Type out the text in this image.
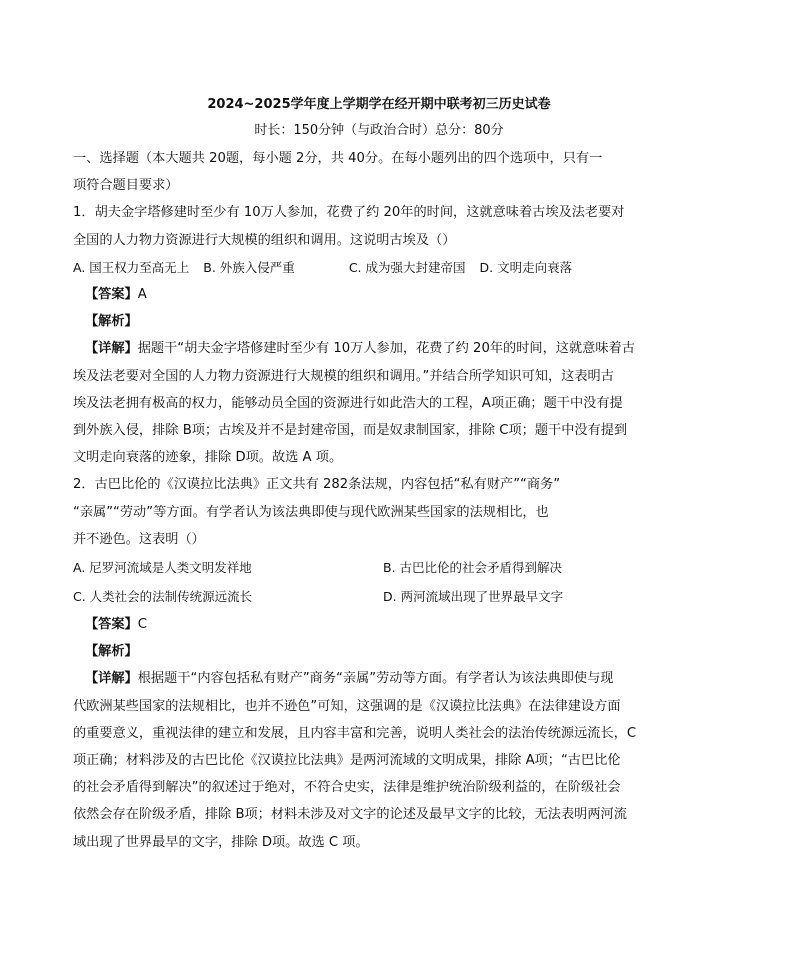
2024~2025学年度上学期学在经开期中联考初三历史试卷

时长：150分钟（与政治合时）总分：80分

一、选择题（本大题共 20题，每小题 2分，共 40分。在每小题列出的四个选项中，只有一

项符合题目要求）

1．胡夫金字塔修建时至少有 10万人参加，花费了约 20年的时间，这就意味着古埃及法老要对

全国的人力物力资源进行大规模的组织和调用。这说明古埃及（）

A. 国王权力至高无上 B. 外族入侵严重	C. 成为强大封建帝国 D. 文明走向衰落

【答案】A

【解析】

【详解】据题干“胡夫金字塔修建时至少有 10万人参加，花费了约 20年的时间，这就意味着古

埃及法老要对全国的人力物力资源进行大规模的组织和调用。”并结合所学知识可知，这表明古

埃及法老拥有极高的权力，能够动员全国的资源进行如此浩大的工程，A项正确；题干中没有提

到外族入侵，排除 B项；古埃及并不是封建帝国，而是奴隶制国家，排除 C项；题干中没有提到

文明走向衰落的迹象，排除 D项。故选 A 项。

2．古巴比伦的《汉谟拉比法典》正文共有 282条法规，内容包括“私有财产”“商务”

“亲属”“劳动”等方面。有学者认为该法典即使与现代欧洲某些国家的法规相比，也

并不逊色。这表明（）

A. 尼罗河流域是人类文明发祥地	B. 古巴比伦的社会矛盾得到解决
C. 人类社会的法制传统源远流长	D. 两河流域出现了世界最早文字

【答案】C

【解析】

【详解】根据题干“内容包括私有财产”商务“亲属”劳动等方面。有学者认为该法典即使与现

代欧洲某些国家的法规相比，也并不逊色”可知，这强调的是《汉谟拉比法典》在法律建设方面

的重要意义，重视法律的建立和发展，且内容丰富和完善，说明人类社会的法治传统源远流长，C

项正确；材料涉及的古巴比伦《汉谟拉比法典》是两河流域的文明成果，排除 A项；“古巴比伦

的社会矛盾得到解决”的叙述过于绝对，不符合史实，法律是维护统治阶级利益的，在阶级社会

依然会存在阶级矛盾，排除 B项；材料未涉及对文字的论述及最早文字的比较，无法表明两河流

域出现了世界最早的文字，排除 D项。故选 C 项。
